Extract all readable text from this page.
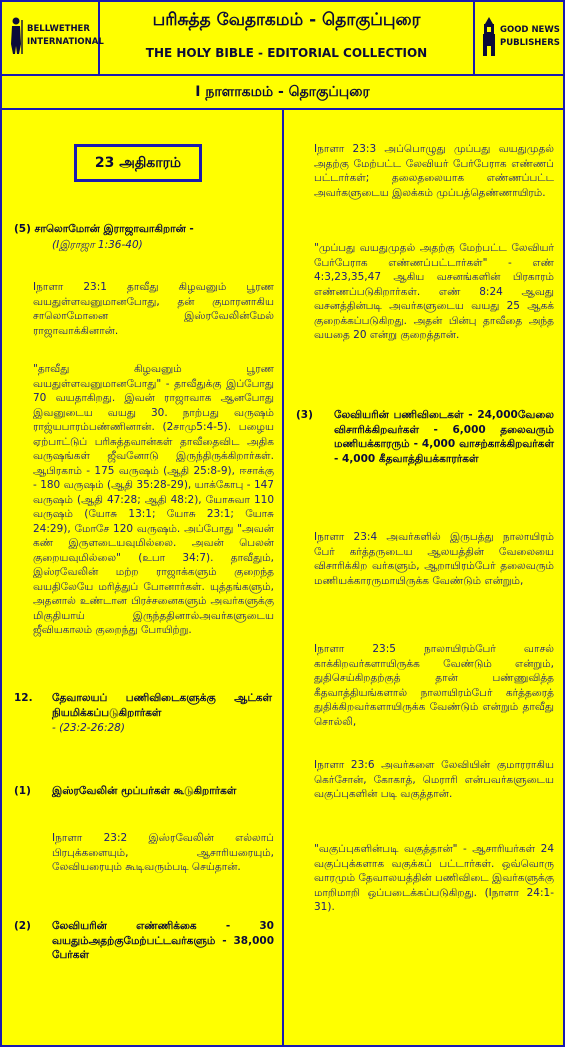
BELLWETHER
INTERNATIONAL
பரிசுத்த வேதாகமம் - தொகுப்புரை
THE HOLY BIBLE - EDITORIAL COLLECTION
GOOD NEWS
PUBLISHERS
I நாளாகமம் - தொகுப்புரை
23 அதிகாரம்
(5) சாலொமோன் இராஜாவாகிறான் -
(Iஇராஜா 1:36-40)
Iநாளா 23:1 தாவீது கிழவனும் பூரண வயதுள்ளவனுமானபோது, தன் குமாரனாகிய சாலொமோனை இஸ்ரவேலின்மேல் ராஜாவாக்கினான்.
"தாவீது கிழவனும் பூரண வயதுள்ளவனுமானபோது" - தாவீதுக்கு இப்போது 70 வயதாகிறது. இவன் ராஜாவாக ஆனபோது இவனுடைய வயது 30. நாற்பது வருஷம் ராஜ்யபாரம்பண்ணினான். (2சாமு5:4-5). பழைய ஏற்பாட்டுப் பரிசுத்தவான்கள் தாவீதைவிட அதிக வருஷங்கள் ஜீவனோடு இருந்திருக்கிறார்கள். ஆபிரகாம் - 175 வருஷம் (ஆதி 25:8-9), ஈசாக்கு - 180 வருஷம் (ஆதி 35:28-29), யாக்கோபு - 147 வருஷம் (ஆதி 47:28; ஆதி 48:2), யோசுவா 110 வருஷம் (யோசு 13:1; யோசு 23:1; யோசு 24:29), மோசே 120 வருஷம். அப்போது "அவன் கண் இருளடையவுமில்லை. அவன் பெலன் குறையவுமில்லை" (உபா 34:7). தாவீதும், இஸ்ரவேலின் மற்ற ராஜாக்களும் குறைந்த வயதிலேயே மரித்துப் போனார்கள். யுத்தங்களும், அதனால் உண்டான பிரச்சனைகளும் அவர்களுக்கு மிகுதியாய் இருந்ததினால்அவர்களுடைய ஜீவியகாலம் குறைந்து போயிற்று.
12. தேவாலயப் பணிவிடைகளுக்கு ஆட்கள் நியமிக்கப்படுகிறார்கள்
- (23:2-26:28)
(1)	இஸ்ரவேலின் மூப்பர்கள் கூடுகிறார்கள்
Iநாளா 23:2 இஸ்ரவேலின் எல்லாப் பிரபுக்களையும், ஆசாரியரையும், லேவியரையும் கூடிவரும்படி செய்தான்.
(2)	லேவியரின் எண்ணிக்கை - 30 வயதும்அதற்குமேற்பட்டவர்களும் - 38,000 பேர்கள்
Iநாளா 23:3 அப்பொழுது முப்பது வயதுமுதல் அதற்கு மேற்பட்ட லேவியர் பேர்பேராக எண்ணப் பட்டார்கள்; தலைதலையாக எண்ணப்பட்ட அவர்களுடைய இலக்கம் முப்பத்தெண்ணாயிரம்.
"முப்பது வயதுமுதல் அதற்கு மேற்பட்ட லேவியர் பேர்பேராக எண்ணப்பட்டார்கள்" - எண் 4:3,23,35,47 ஆகிய வசனங்களின் பிரகாரம் எண்ணப்படுகிறார்கள். எண் 8:24 ஆவது வசனத்தின்படி அவர்களுடைய வயது 25 ஆகக் குறைக்கப்படுகிறது. அதன் பின்பு தாவீதை அந்த வயதை 20 என்று குறைத்தான்.
(3)	லேவியரின் பணிவிடைகள் - 24,000வேலை விசாரிக்கிறவர்கள் - 6,000 தலைவரும் மணியக்காரரும் - 4,000 வாசற்காக்கிறவர்கள் - 4,000 கீதவாத்தியக்காரர்கள்
Iநாளா 23:4 அவர்களில் இருபத்து நாலாயிரம் பேர் கர்த்தருடைய ஆலயத்தின் வேலையை விசாரிக்கிற வர்களும், ஆறாயிரம்பேர் தலைவரும் மணியக்காரருமாயிருக்க வேண்டும் என்றும்,
Iநாளா 23:5 நாலாயிரம்பேர் வாசல் காக்கிறவர்களாயிருக்க வேண்டும் என்றும், துதிசெய்கிறதற்குத் தான் பண்ணுவித்த கீதவாத்தியங்களால் நாலாயிரம்பேர் கர்த்தரைத் துதிக்கிறவர்களாயிருக்க வேண்டும் என்றும் தாவீது சொல்லி,
Iநாளா 23:6 அவர்களை லேவியின் குமாரராகிய கெர்சோன், கோகாத், மெராரி என்பவர்களுடைய வகுப்புகளின் படி வகுத்தான்.
"வகுப்புகளின்படி வகுத்தான்" - ஆசாரியர்கள் 24 வகுப்புக்களாக வகுக்கப் பட்டார்கள். ஒவ்வொரு வாரமும் தேவாலயத்தின் பணிவிடை இவர்களுக்கு மாறிமாறி ஒப்படைக்கப்படுகிறது. (Iநாளா 24:1-31).
